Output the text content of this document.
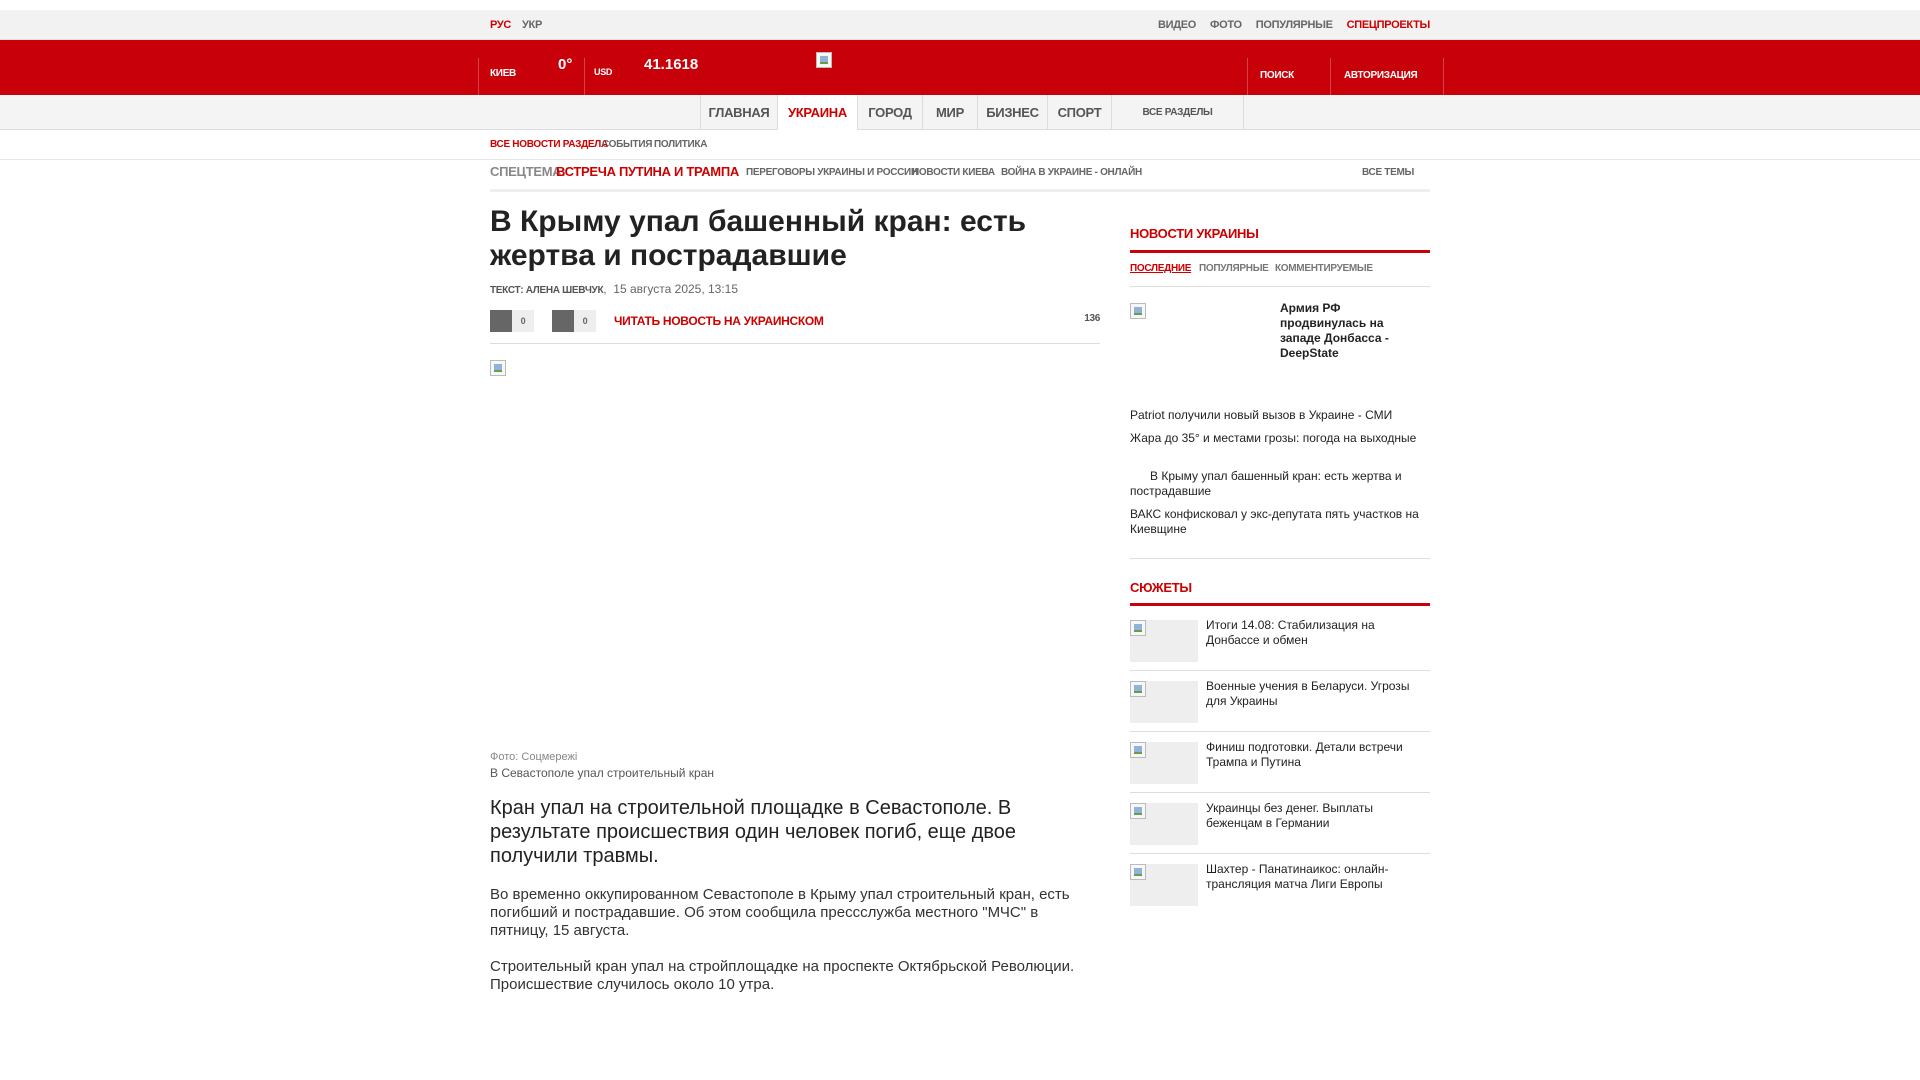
РУС УКР	ВИДЕО ФОТО ПОПУЛЯРНЫЕ СПЕЦПРОЕКТЫ
КИЕВ
0° USD 41.1618
ПОИСК	АВТОРИЗАЦИЯ
ГЛАВНАЯ	УКРАИНА	ГОРОД	МИР	БИЗНЕС	СПОРТ	ВСЕ РАЗДЕЛЫ
ВСЕ НОВОСТИ РАЗДЕЛА
СОБЫТИЯ ПОЛИТИКА
СПЕЦТЕМА:
ВСТРЕЧА ПУТИНА И ТРАМПА ПЕРЕГОВОРЫ УКРАИНЫ И РОССИИ
НОВОСТИ КИЕВА ВОЙНА В УКРАИНЕ - ОНЛАЙН	ВСЕ ТЕМЫ
В Крыму упал башенный кран: есть жертва и пострадавшие
ТЕКСТ: АЛЕНА ШЕВЧУК,  15 августа 2025, 13:15
0	0	ЧИТАТЬ НОВОСТЬ НА УКРАИНСКОМ	136
Фото: Соцмережі
В Севастополе упал строительный кран

Кран упал на строительной площадке в Севастополе. В результате происшествия один человек погиб, еще двое получили травмы.

Во временно оккупированном Севастополе в Крыму упал строительный кран, есть погибший и пострадавшие. Об этом сообщила прессслужба местного "МЧС" в пятницу, 15 августа.

Строительный кран упал на стройплощадке на проспекте Октябрьской Революции. Происшествие случилось около 10 утра.

НОВОСТИ УКРАИНЫ
ПОСЛЕДНИЕ ПОПУЛЯРНЫЕ КОММЕНТИРУЕМЫЕ
Армия РФ продвинулась на западе Донбасса - DeepState
Patriot получили новый вызов в Украине - СМИ
Жара до 35° и местами грозы: погода на выходные
В Крыму упал башенный кран: есть жертва и пострадавшие
ВАКС конфисковал у экс-депутата пять участков на Киевщине
СЮЖЕТЫ
Итоги 14.08: Стабилизация на Донбассе и обмен
Военные учения в Беларуси. Угрозы для Украины
Финиш подготовки. Детали встречи Трампа и Путина
Украинцы без денег. Выплаты беженцам в Германии
Шахтер - Панатинаикос: онлайн-трансляция матча Лиги Европы
